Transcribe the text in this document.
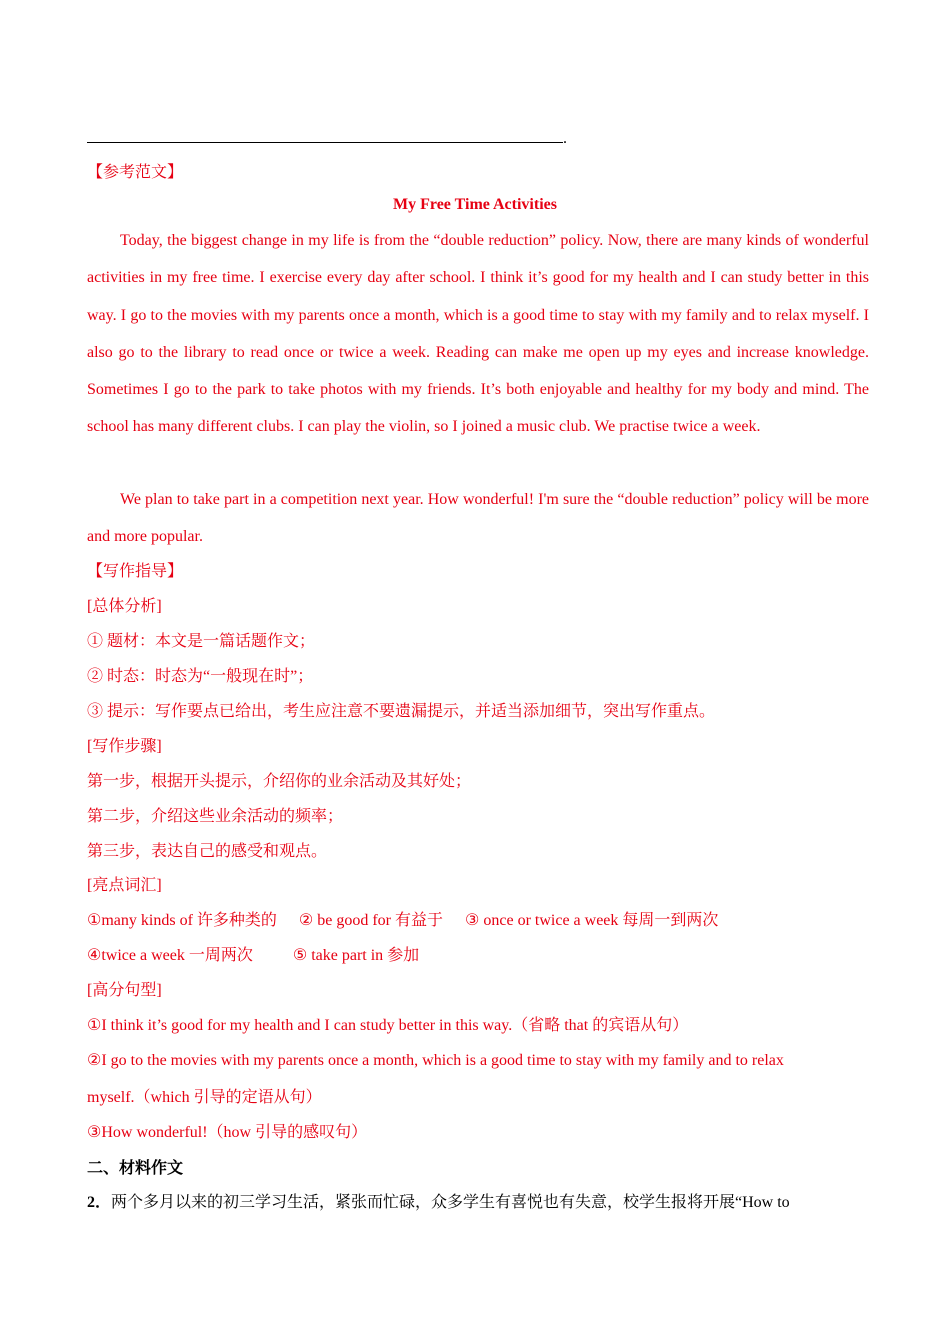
.
【参考范文】
My Free Time Activities
Today, the biggest change in my life is from the “double reduction” policy. Now, there are many kinds of wonderful activities in my free time. I exercise every day after school. I think it’s good for my health and I can study better in this way. I go to the movies with my parents once a month, which is a good time to stay with my family and to relax myself. I also go to the library to read once or twice a week. Reading can make me open up my eyes and increase knowledge. Sometimes I go to the park to take photos with my friends. It’s both enjoyable and healthy for my body and mind. The school has many different clubs. I can play the violin, so I joined a music club. We practise twice a week.
We plan to take part in a competition next year. How wonderful! I'm sure the “double reduction” policy will be more and more popular.
【写作指导】
[总体分析]
① 题材：本文是一篇话题作文；
② 时态：时态为“一般现在时”；
③ 提示：写作要点已给出，考生应注意不要遗漏提示，并适当添加细节，突出写作重点。
[写作步骤]
第一步，根据开头提示，介绍你的业余活动及其好处；
第二步，介绍这些业余活动的频率；
第三步，表达自己的感受和观点。
[亮点词汇]
①many kinds of 许多种类的 ② be good for 有益于 ③ once or twice a week 每周一到两次
④twice a week 一周两次	⑤ take part in 参加
[高分句型]
①I think it’s good for my health and I can study better in this way.（省略 that 的宾语从句）
②I go to the movies with my parents once a month, which is a good time to stay with my family and to relax
myself.（which 引导的定语从句）
③How wonderful!（how 引导的感叹句）
二、材料作文
2．两个多月以来的初三学习生活，紧张而忙碌，众多学生有喜悦也有失意，校学生报将开展“How to
